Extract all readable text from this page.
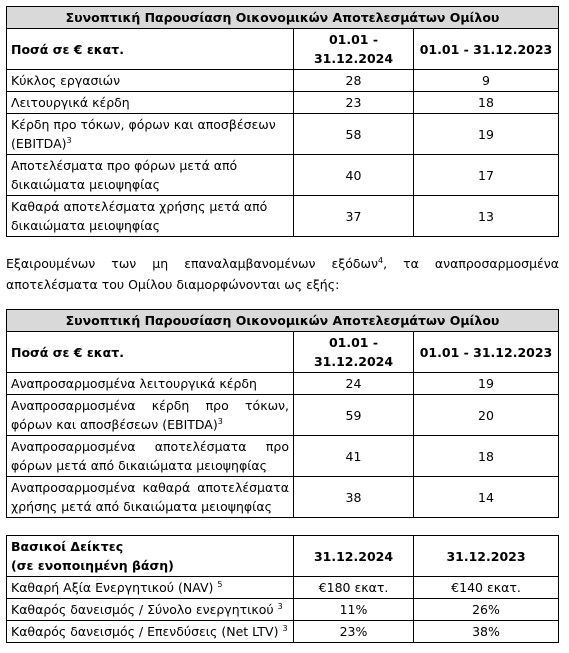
Συνοπτική Παρουσίαση Οικονομικών Αποτελεσμάτων Ομίλου		
Ποσά σε € εκατ.	01.01 - 31.12.2024	01.01 - 31.12.2023
Κύκλος εργασιών	28	9
Λειτουργικά κέρδη	23	18
Κέρδη προ τόκων, φόρων και αποσβέσεων
(EBITDA)$^3$	58	19
Αποτελέσματα προ φόρων μετά από
δικαιώματα μειοψηφίας	40	17
Καθαρά αποτελέσματα χρήσης μετά από
δικαιώματα μειοψηφίας	37	13
Εξαιρουμένων των μη επαναλαμβανομένων εξόδων$^4$, τα αναπροσαρμοσμένα
αποτελέσματα του Ομίλου διαμορφώνονται ως εξής:
Συνοπτική Παρουσίαση Οικονομικών Αποτελεσμάτων Ομίλου		
Ποσά σε € εκατ.	01.01 - 31.12.2024	01.01 - 31.12.2023
Αναπροσαρμοσμένα λειτουργικά κέρδη	24	19

Αναπροσαρμοσμένα κέρδη προ τόκων,
φόρων και αποσβέσεων (EBITDA)$^3$	59	20

Αναπροσαρμοσμένα αποτελέσματα προ
φόρων μετά από δικαιώματα μειοψηφίας	41	18

Αναπροσαρμοσμένα καθαρά αποτελέσματα
χρήσης μετά από δικαιώματα μειοψηφίας	38	14
Βασικοί Δείκτες
(σε ενοποιημένη βάση)	31.12.2024	31.12.2023
Καθαρή Αξία Ενεργητικού (NAV) $^5$	€180 εκατ.	€140 εκατ.
Καθαρός δανεισμός / Σύνολο ενεργητικού $^3$	11%	26%
Καθαρός δανεισμός / Επενδύσεις (Net LTV) $^3$	23%	38%
